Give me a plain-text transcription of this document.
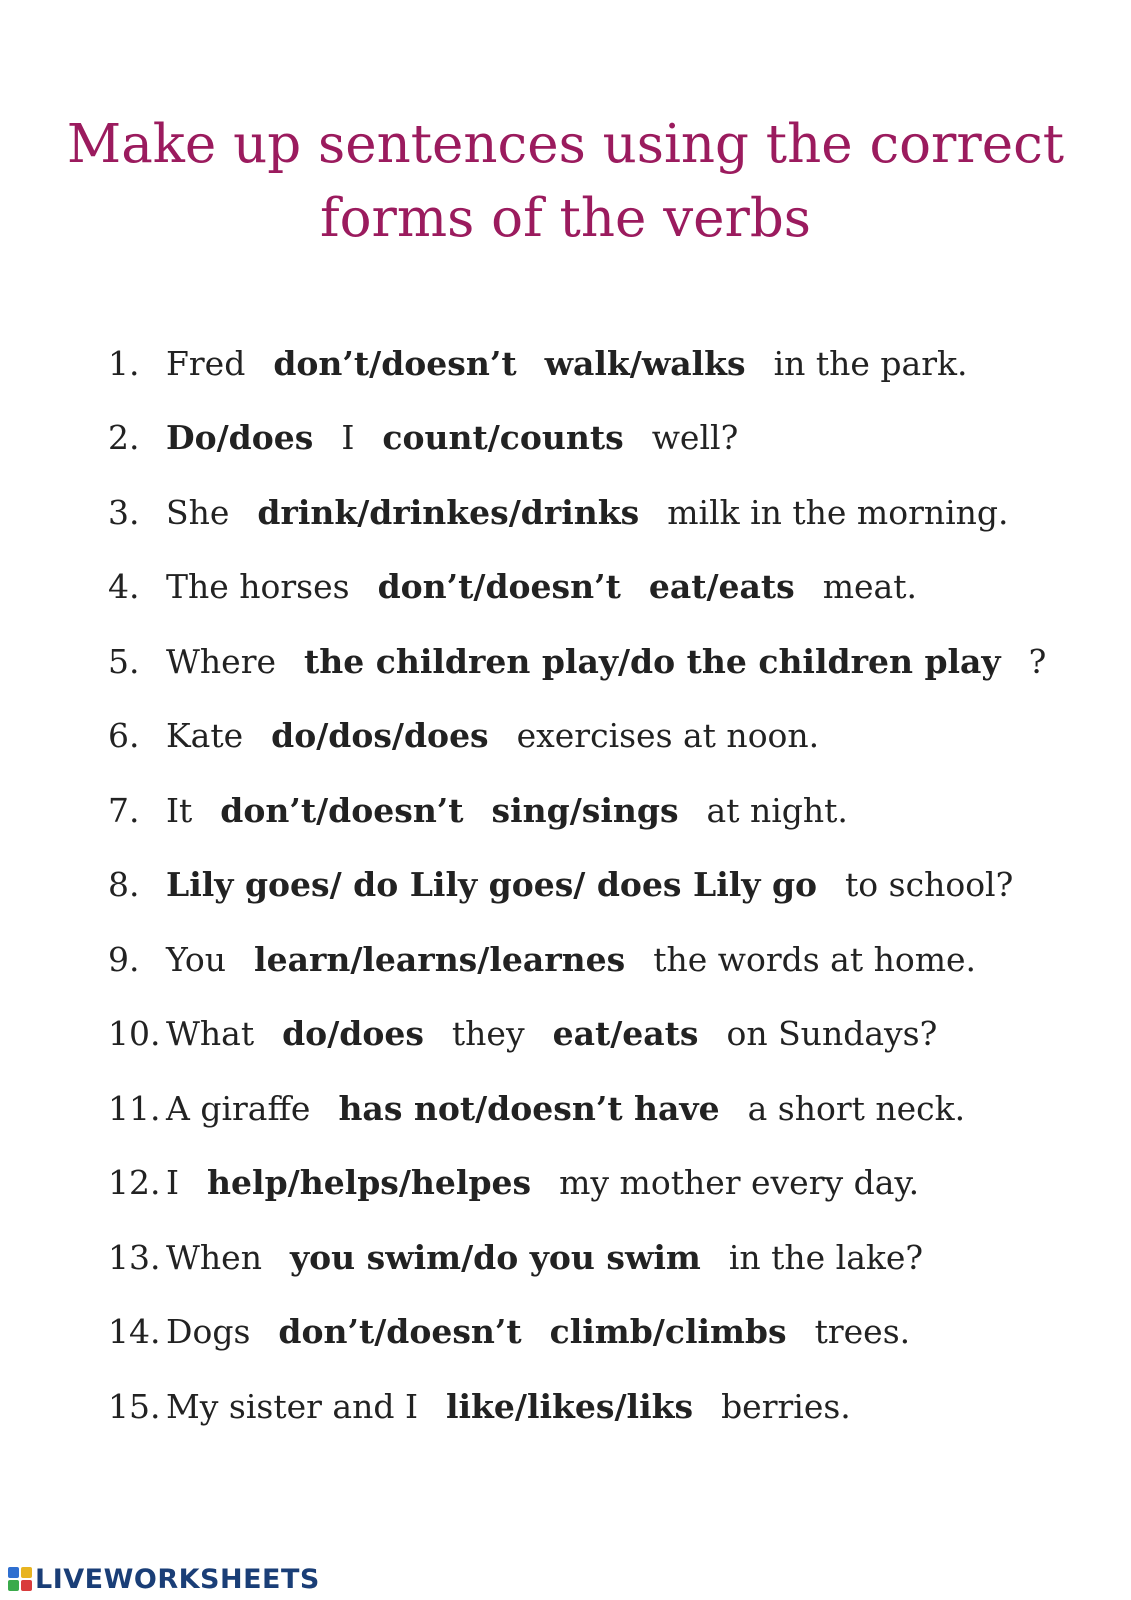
Make up sentences using the correct
forms of the verbs
1. Fred don’t/doesn’t walk/walks in the park.
2. Do/does I count/counts well?
3. She drink/drinkes/drinks milk in the morning.
4. The horses don’t/doesn’t eat/eats meat.
5. Where the children play/do the children play ?
6. Kate do/dos/does exercises at noon.
7. It don’t/doesn’t sing/sings at night.
8. Lily goes/ do Lily goes/ does Lily go to school?
9. You learn/learns/learnes the words at home.
10. What do/does they eat/eats on Sundays?
11. A giraffe has not/doesn’t have a short neck.
12. I help/helps/helpes my mother every day.
13. When you swim/do you swim in the lake?
14. Dogs don’t/doesn’t climb/climbs trees.
15. My sister and I like/likes/liks berries.
LIVEWORKSHEETS
